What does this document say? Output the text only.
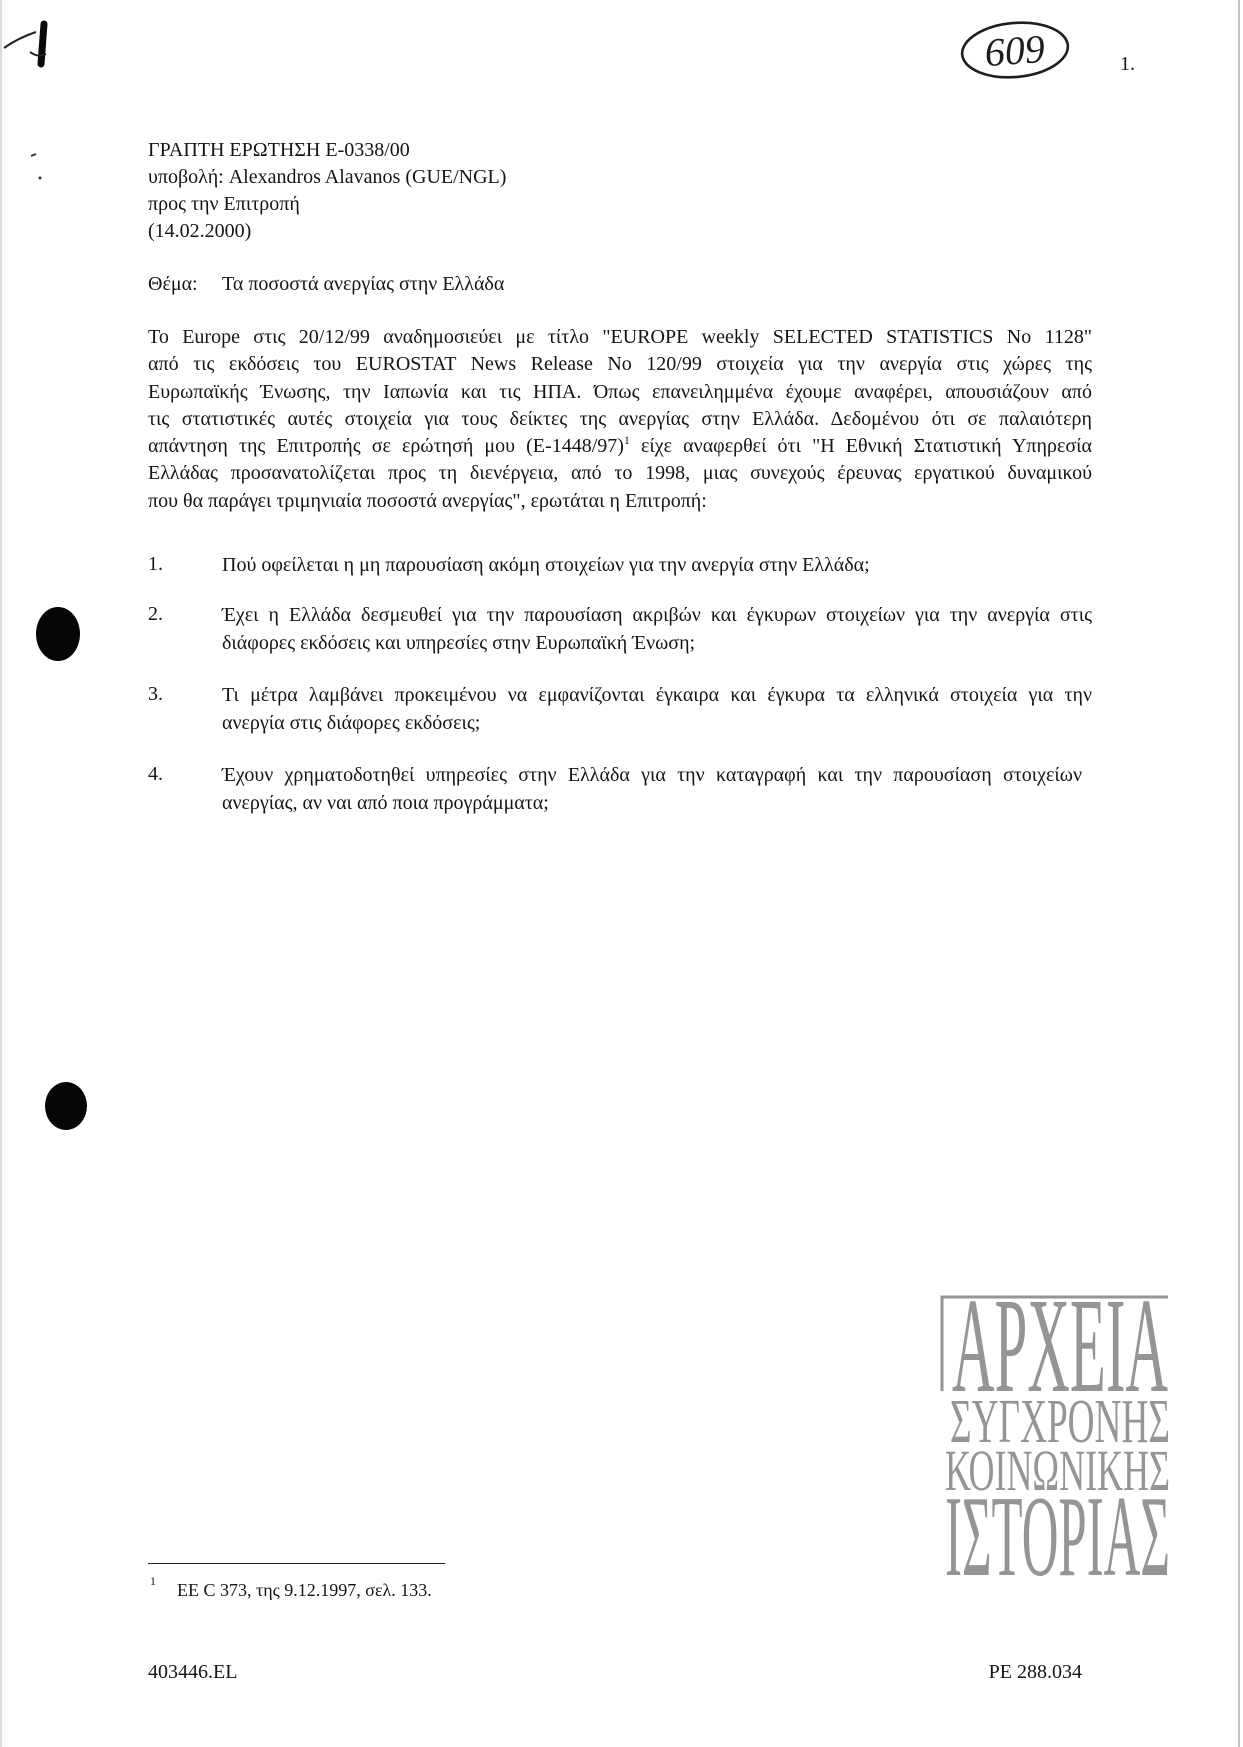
609	1.
ΓΡΑΠΤΗ ΕΡΩΤΗΣΗ E-0338/00
υποβολή: Alexandros Alavanos (GUE/NGL)
προς την Επιτροπή
(14.02.2000)
Θέμα: Τα ποσοστά ανεργίας στην Ελλάδα
Το Europe στις 20/12/99 αναδημοσιεύει με τίτλο "EUROPE weekly SELECTED STATISTICS No 1128"
από τις εκδόσεις του EUROSTAT News Release No 120/99 στοιχεία για την ανεργία στις χώρες της
Ευρωπαϊκής Ένωσης, την Ιαπωνία και τις ΗΠΑ. Όπως επανειλημμένα έχουμε αναφέρει, απουσιάζουν από
τις στατιστικές αυτές στοιχεία για τους δείκτες της ανεργίας στην Ελλάδα. Δεδομένου ότι σε παλαιότερη
απάντηση της Επιτροπής σε ερώτησή μου (E-1448/97)$^1$ είχε αναφερθεί ότι "Η Εθνική Στατιστική Υπηρεσία
Ελλάδας προσανατολίζεται προς τη διενέργεια, από το 1998, μιας συνεχούς έρευνας εργατικού δυναμικού
που θα παράγει τριμηνιαία ποσοστά ανεργίας", ερωτάται η Επιτροπή:
1.	Πού οφείλεται η μη παρουσίαση ακόμη στοιχείων για την ανεργία στην Ελλάδα;
2.	Έχει η Ελλάδα δεσμευθεί για την παρουσίαση ακριβών και έγκυρων στοιχείων για την ανεργία στις
διάφορες εκδόσεις και υπηρεσίες στην Ευρωπαϊκή Ένωση;
3.	Τι μέτρα λαμβάνει προκειμένου να εμφανίζονται έγκαιρα και έγκυρα τα ελληνικά στοιχεία για την
ανεργία στις διάφορες εκδόσεις;
4.	Έχουν χρηματοδοτηθεί υπηρεσίες στην Ελλάδα για την καταγραφή και την παρουσίαση στοιχείων
ανεργίας, αν ναι από ποια προγράμματα;
ΑΡΧΕΙΑ
ΣΥΓΧΡΟΝΗΣ
ΚΟΙΝΩΝΙΚΗΣ
ΙΣΤΟΡΙΑΣ
1 EE C 373, της 9.12.1997, σελ. 133.
403446.EL	PE 288.034
